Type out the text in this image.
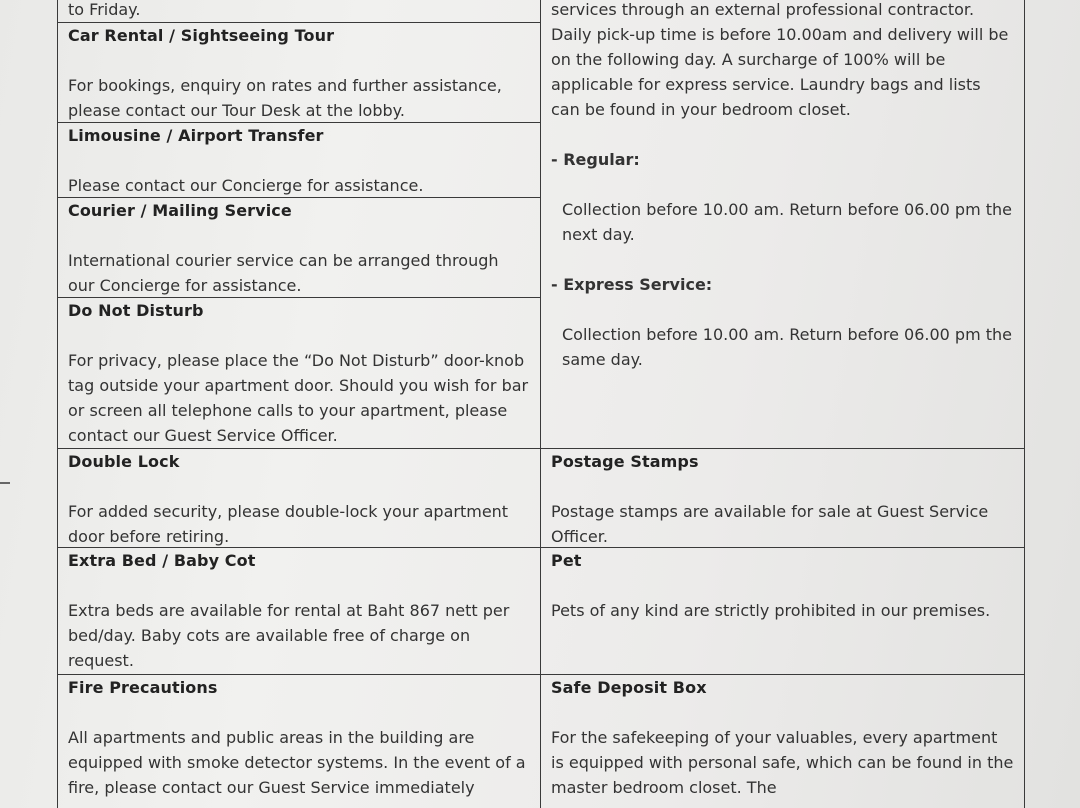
to Friday.
Car Rental / Sightseeing Tour
For bookings, enquiry on rates and further assistance, please contact our Tour Desk at the lobby.
Limousine / Airport Transfer
Please contact our Concierge for assistance.
Courier / Mailing Service
International courier service can be arranged through our Concierge for assistance.
Do Not Disturb
For privacy, please place the “Do Not Disturb” door-knob tag outside your apartment door. Should you wish for bar or screen all telephone calls to your apartment, please contact our Guest Service Officer.
Double Lock
For added security, please double-lock your apartment door before retiring.
Extra Bed / Baby Cot
Extra beds are available for rental at Baht 867 nett per bed/day. Baby cots are available free of charge on request.
Fire Precautions
All apartments and public areas in the building are equipped with smoke detector systems. In the event of a fire, please contact our Guest Service immediately
services through an external professional contractor. Daily pick-up time is before 10.00am and delivery will be on the following day. A surcharge of 100% will be applicable for express service. Laundry bags and lists can be found in your bedroom closet.
- Regular:
Collection before 10.00 am. Return before 06.00 pm the next day.
- Express Service:
Collection before 10.00 am. Return before 06.00 pm the same day.
Postage Stamps
Postage stamps are available for sale at Guest Service Officer.
Pet
Pets of any kind are strictly prohibited in our premises.
Safe Deposit Box
For the safekeeping of your valuables, every apartment is equipped with personal safe, which can be found in the master bedroom closet. The
